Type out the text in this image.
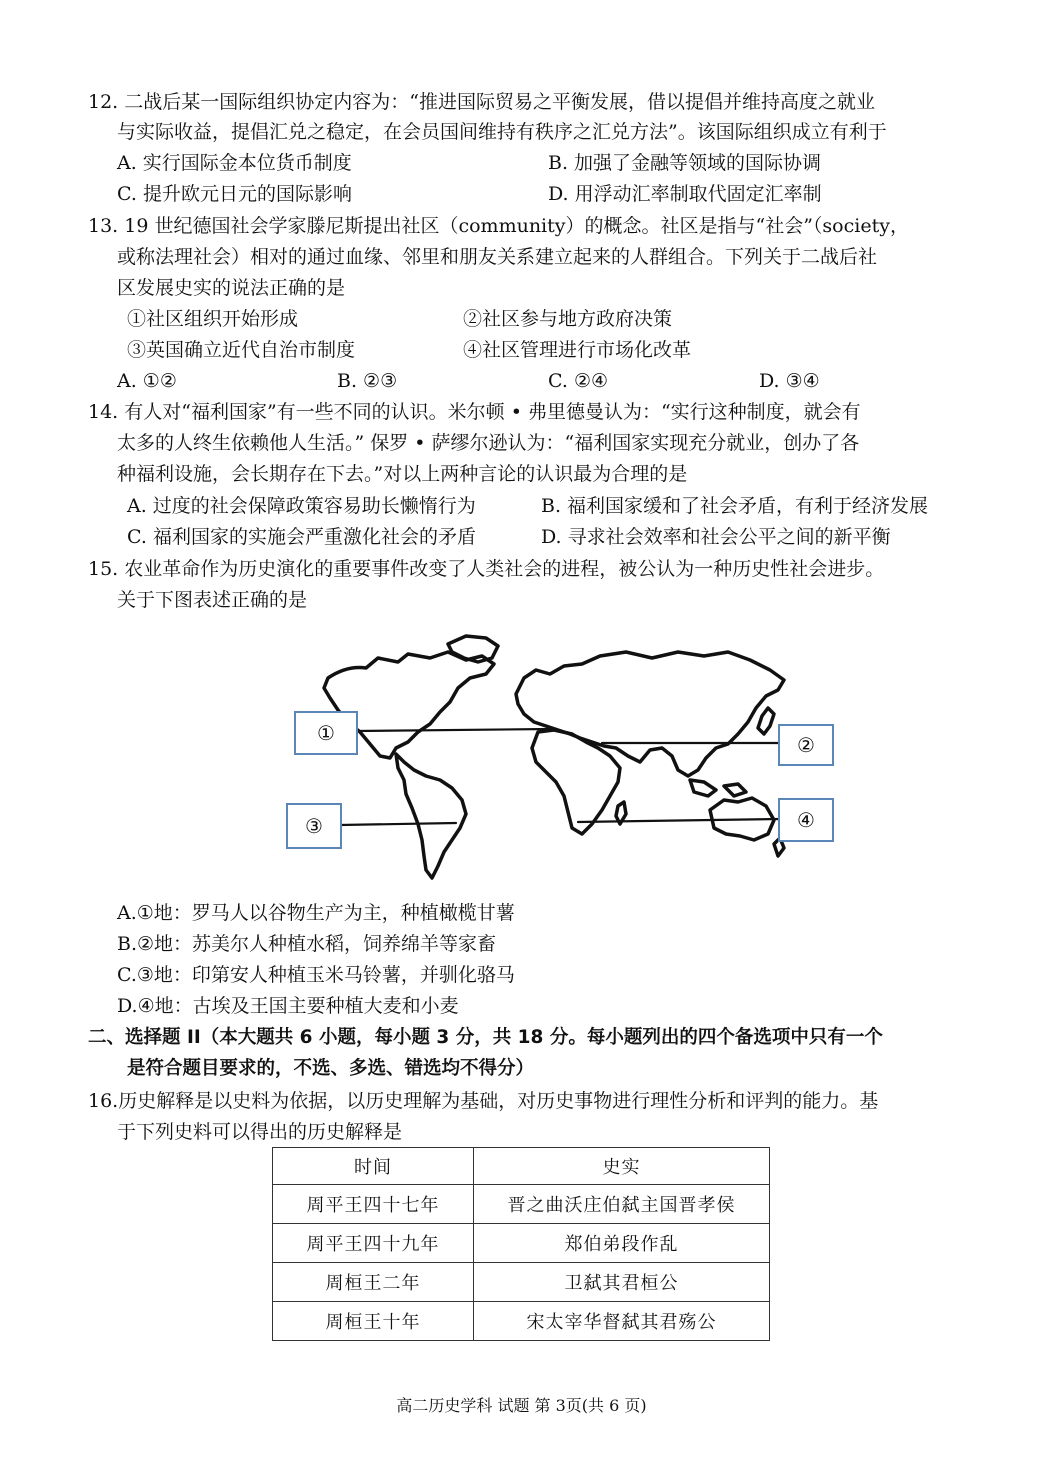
12. 二战后某一国际组织协定内容为：“推进国际贸易之平衡发展，借以提倡并维持高度之就业
与实际收益，提倡汇兑之稳定，在会员国间维持有秩序之汇兑方法”。该国际组织成立有利于
A. 实行国际金本位货币制度	B. 加强了金融等领域的国际协调
C. 提升欧元日元的国际影响	D. 用浮动汇率制取代固定汇率制
13. 19 世纪德国社会学家滕尼斯提出社区（community）的概念。社区是指与“社会”（society，
或称法理社会）相对的通过血缘、邻里和朋友关系建立起来的人群组合。下列关于二战后社
区发展史实的说法正确的是
①社区组织开始形成	②社区参与地方政府决策
③英国确立近代自治市制度	④社区管理进行市场化改革
A. ①②	B. ②③	C. ②④	D. ③④
14. 有人对“福利国家”有一些不同的认识。米尔顿 • 弗里德曼认为：“实行这种制度，就会有
太多的人终生依赖他人生活。” 保罗 • 萨缪尔逊认为：“福利国家实现充分就业，创办了各
种福利设施，会长期存在下去。”对以上两种言论的认识最为合理的是
A. 过度的社会保障政策容易助长懒惰行为	B. 福利国家缓和了社会矛盾，有利于经济发展
C. 福利国家的实施会严重激化社会的矛盾	D. 寻求社会效率和社会公平之间的新平衡
15. 农业革命作为历史演化的重要事件改变了人类社会的进程，被公认为一种历史性社会进步。
关于下图表述正确的是
①	②
③	④
A.①地：罗马人以谷物生产为主，种植橄榄甘薯
B.②地：苏美尔人种植水稻，饲养绵羊等家畜
C.③地：印第安人种植玉米马铃薯，并驯化骆马
D.④地：古埃及王国主要种植大麦和小麦
二、选择题 II（本大题共 6 小题，每小题 3 分，共 18 分。每小题列出的四个备选项中只有一个
是符合题目要求的，不选、多选、错选均不得分）
16.历史解释是以史料为依据，以历史理解为基础，对历史事物进行理性分析和评判的能力。基
于下列史料可以得出的历史解释是
时间	史实
周平王四十七年	晋之曲沃庄伯弑主国晋孝侯
周平王四十九年	郑伯弟段作乱
周桓王二年	卫弑其君桓公
周桓王十年	宋太宰华督弑其君殇公
高二历史学科 试题 第 3页(共 6 页)
